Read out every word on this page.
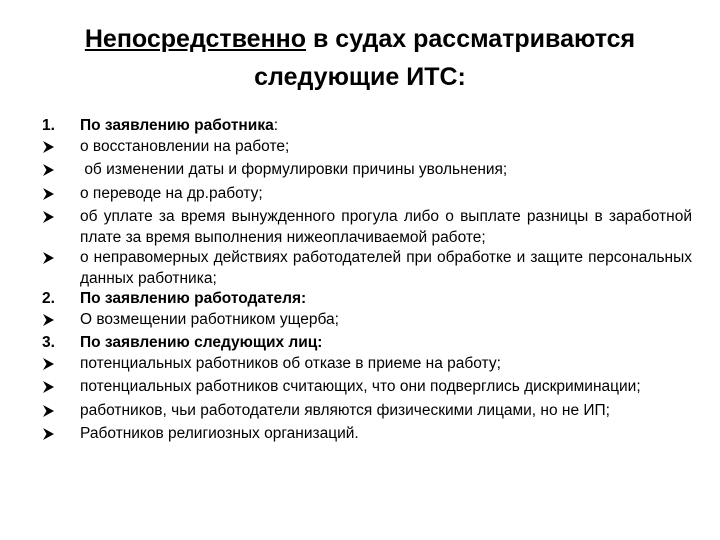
Непосредственно в судах рассматриваются
следующие ИТС:
1.	По заявлению работника:
о восстановлении на работе;
об изменении даты и формулировки причины увольнения;
о переводе на др.работу;
об уплате за время вынужденного прогула либо о выплате разницы в заработной плате за время выполнения нижеоплачиваемой работе;
о неправомерных действиях работодателей при обработке и защите персональных данных работника;
2.	По заявлению работодателя:
О возмещении работником ущерба;
3.	По заявлению следующих лиц:
потенциальных работников об отказе в приеме на работу;
потенциальных работников считающих, что они подверглись дискриминации;
работников, чьи работодатели являются физическими лицами, но не ИП;
Работников религиозных организаций.
